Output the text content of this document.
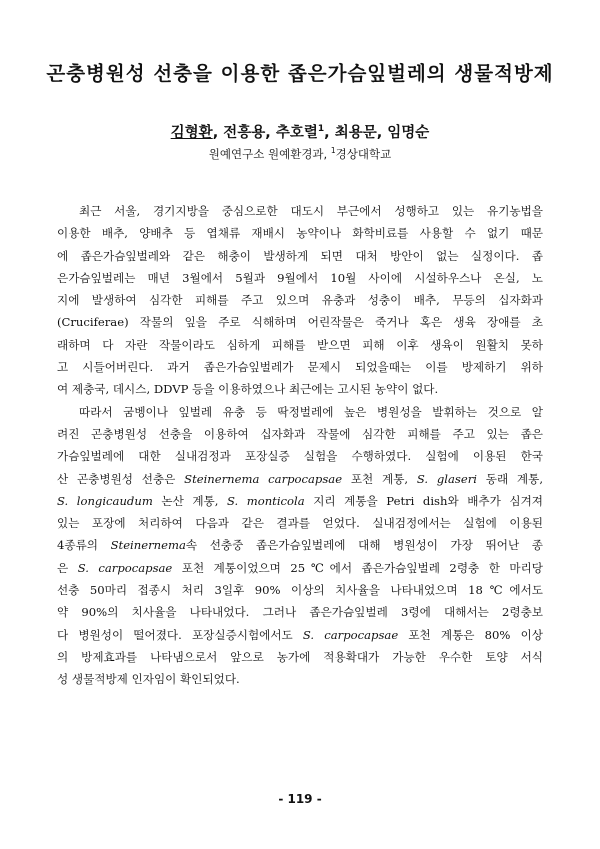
곤충병원성 선충을 이용한 좁은가슴잎벌레의 생물적방제
김형환, 전흥용, 추호렬$^1$, 최용문, 임명순
원예연구소 원예환경과, $^1$경상대학교
최근 서울, 경기지방을 중심으로한 대도시 부근에서 성행하고 있는 유기농법을
이용한 배추, 양배추 등 엽채류 재배시 농약이나 화학비료를 사용할 수 없기 때문
에 좁은가슴잎벌레와 같은 해충이 발생하게 되면 대처 방안이 없는 실정이다. 좁
은가슴잎벌레는 매년 3월에서 5월과 9월에서 10월 사이에 시설하우스나 온실, 노
지에 발생하여 심각한 피해를 주고 있으며 유충과 성충이 배추, 무등의 십자화과
(Cruciferae) 작물의 잎을 주로 식해하며 어린작물은 죽거나 혹은 생육 장애를 초
래하며 다 자란 작물이라도 심하게 피해를 받으면 피해 이후 생육이 원활치 못하
고 시들어버린다. 과거 좁은가슴잎벌레가 문제시 되었을때는 이를 방제하기 위하
여 제충국, 데시스, DDVP 등을 이용하였으나 최근에는 고시된 농약이 없다.
따라서 굼벵이나 잎벌레 유충 등 딱정벌레에 높은 병원성을 발휘하는 것으로 알
려진 곤충병원성 선충을 이용하여 십자화과 작물에 심각한 피해를 주고 있는 좁은
가슴잎벌레에 대한 실내검정과 포장실증 실험을 수행하였다. 실험에 이용된 한국
산 곤충병원성 선충은 Steinernema carpocapsae 포천 계통, S. glaseri 동래 계통,
S. longicaudum 논산 계통, S. monticola 지리 계통을 Petri dish와 배추가 심겨져
있는 포장에 처리하여 다음과 같은 결과를 얻었다. 실내검정에서는 실험에 이용된
4종류의 Steinernema속 선충중 좁은가슴잎벌레에 대해 병원성이 가장 뛰어난 종
은 S. carpocapsae 포천 계통이었으며 25℃에서 좁은가슴잎벌레 2령충 한 마리당
선충 50마리 접종시 처리 3일후 90% 이상의 치사율을 나타내었으며 18℃에서도
약 90%의 치사율을 나타내었다. 그러나 좁은가슴잎벌레 3령에 대해서는 2령충보
다 병원성이 떨어졌다. 포장실증시험에서도 S. carpocapsae 포천 계통은 80% 이상
의 방제효과를 나타냄으로서 앞으로 농가에 적용확대가 가능한 우수한 토양 서식
성 생물적방제 인자임이 확인되었다.
- 119 -
